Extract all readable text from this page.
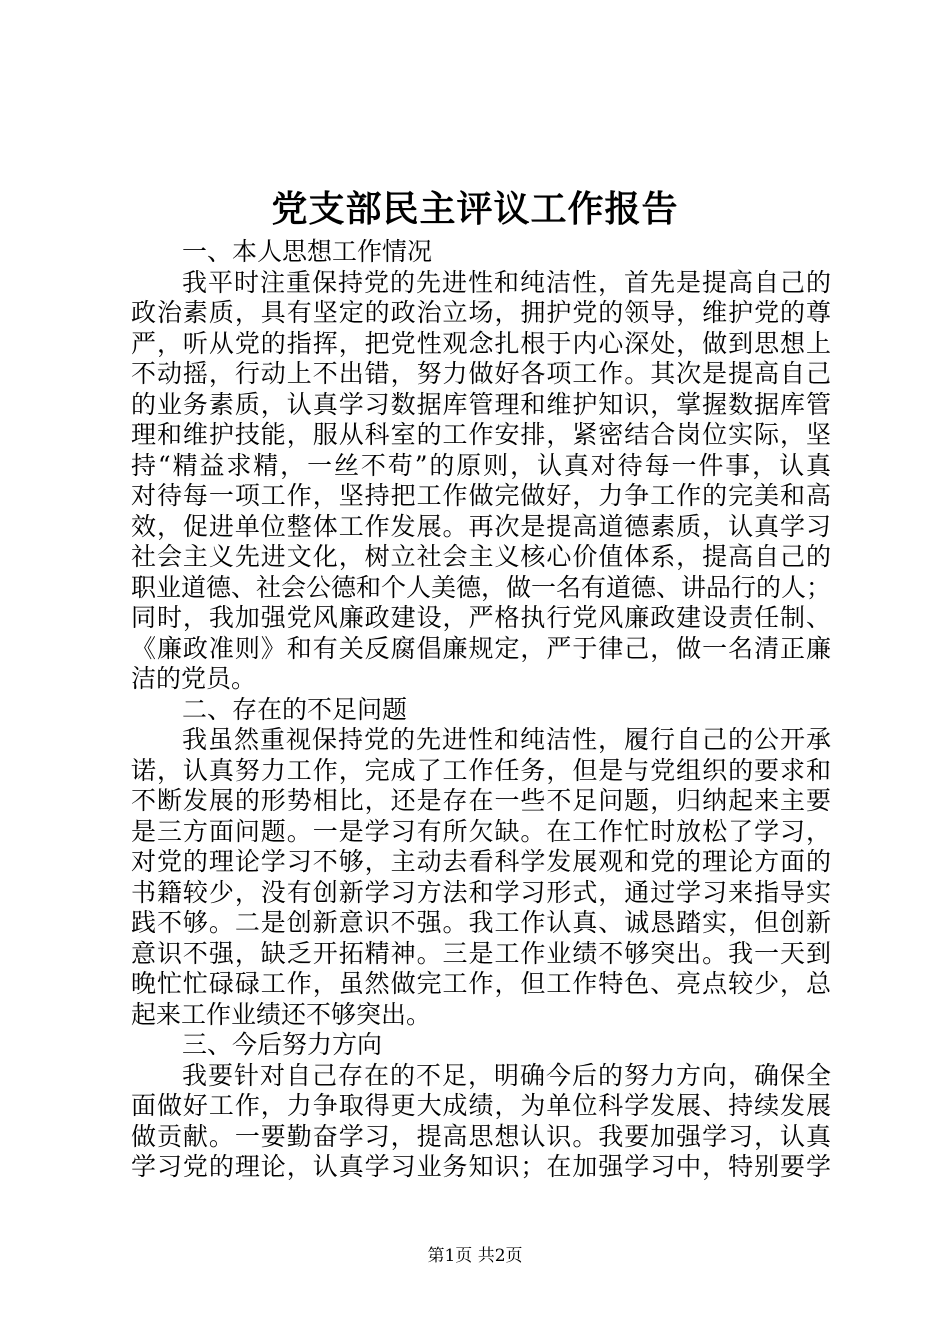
党支部民主评议工作报告
一、本人思想工作情况
我平时注重保持党的先进性和纯洁性，首先是提高自己的
政治素质，具有坚定的政治立场，拥护党的领导，维护党的尊
严，听从党的指挥，把党性观念扎根于内心深处，做到思想上
不动摇，行动上不出错，努力做好各项工作。其次是提高自己
的业务素质，认真学习数据库管理和维护知识，掌握数据库管
理和维护技能，服从科室的工作安排，紧密结合岗位实际，坚
持“精益求精，一丝不苟”的原则，认真对待每一件事，认真
对待每一项工作，坚持把工作做完做好，力争工作的完美和高
效，促进单位整体工作发展。再次是提高道德素质，认真学习
社会主义先进文化，树立社会主义核心价值体系，提高自己的
职业道德、社会公德和个人美德，做一名有道德、讲品行的人；
同时，我加强党风廉政建设，严格执行党风廉政建设责任制、
《廉政准则》和有关反腐倡廉规定，严于律己，做一名清正廉
洁的党员。
二、存在的不足问题
我虽然重视保持党的先进性和纯洁性，履行自己的公开承
诺，认真努力工作，完成了工作任务，但是与党组织的要求和
不断发展的形势相比，还是存在一些不足问题，归纳起来主要
是三方面问题。一是学习有所欠缺。在工作忙时放松了学习，
对党的理论学习不够，主动去看科学发展观和党的理论方面的
书籍较少，没有创新学习方法和学习形式，通过学习来指导实
践不够。二是创新意识不强。我工作认真、诚恳踏实，但创新
意识不强，缺乏开拓精神。三是工作业绩不够突出。我一天到
晚忙忙碌碌工作，虽然做完工作，但工作特色、亮点较少，总
起来工作业绩还不够突出。
三、今后努力方向
我要针对自己存在的不足，明确今后的努力方向，确保全
面做好工作，力争取得更大成绩，为单位科学发展、持续发展
做贡献。一要勤奋学习，提高思想认识。我要加强学习，认真
学习党的理论，认真学习业务知识；在加强学习中，特别要学
第1页 共2页
